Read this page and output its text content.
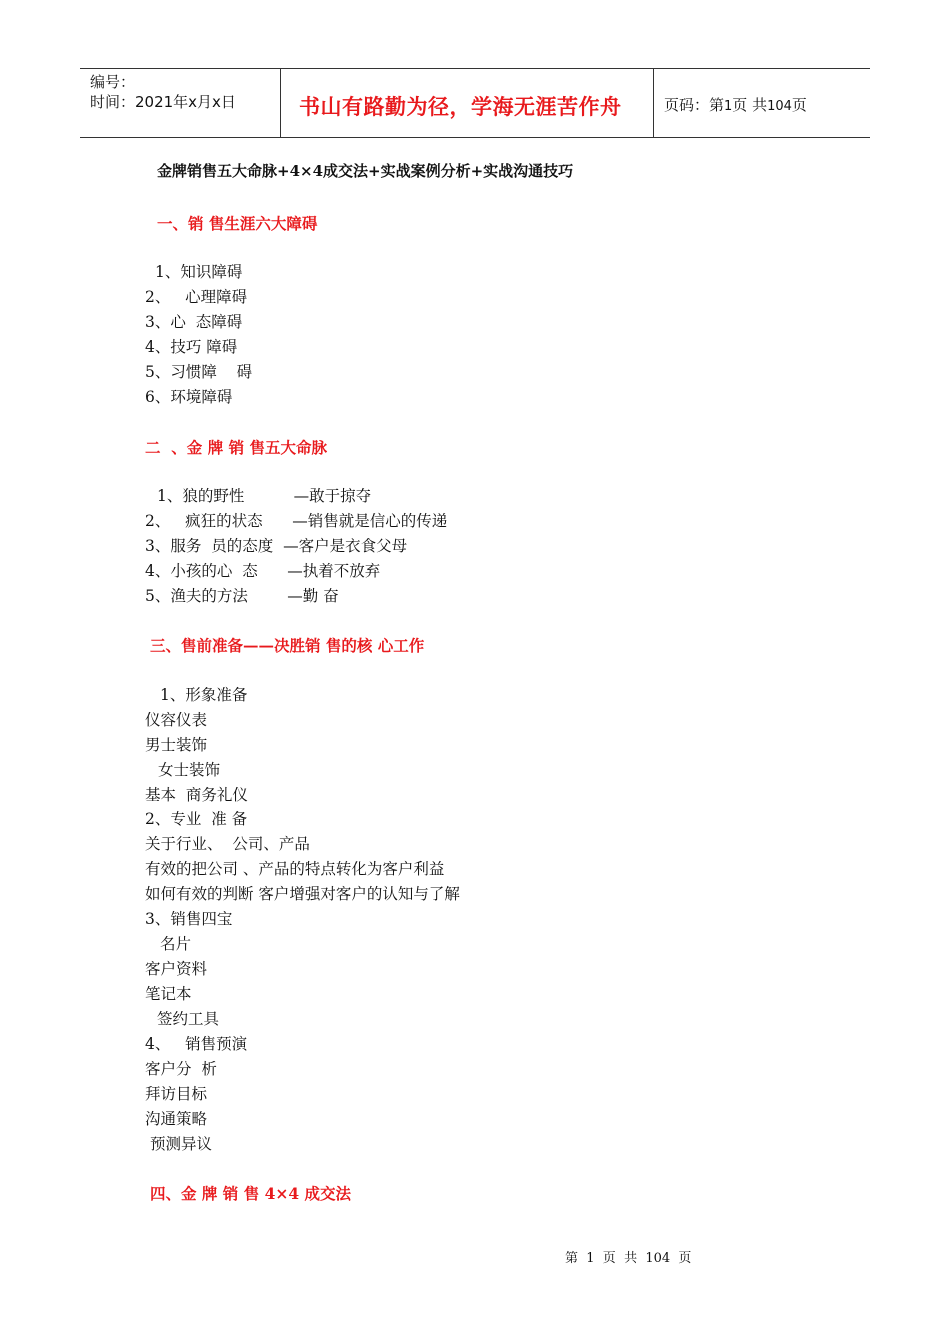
编号：
时间：2021年x月x日	书山有路勤为径，学海无涯苦作舟	页码：第1页 共104页
金牌销售五大命脉+4×4成交法+实战案例分析+实战沟通技巧
一、销 售生涯六大障碍
1、知识障碍
2、   心理障碍
3、心  态障碍
4、技巧 障碍
5、习惯障    碍
6、环境障碍
二  、金 牌 销 售五大命脉
1、狼的野性          —敢于掠夺
2、   疯狂的状态      —销售就是信心的传递
3、服务  员的态度  —客户是衣食父母
4、小孩的心  态      —执着不放弃
5、渔夫的方法        —勤 奋
三、售前准备——决胜销 售的核 心工作
1、形象准备
仪容仪表
男士装饰
女士装饰
基本  商务礼仪
2、专业  准 备
关于行业、  公司、产品
有效的把公司 、产品的特点转化为客户利益
如何有效的判断 客户增强对客户的认知与了解
3、销售四宝
名片
客户资料
笔记本
签约工具
4、   销售预演
客户分  析
拜访目标
沟通策略
预测异议
四、金 牌 销 售 4×4 成交法
第  1  页  共  104  页
